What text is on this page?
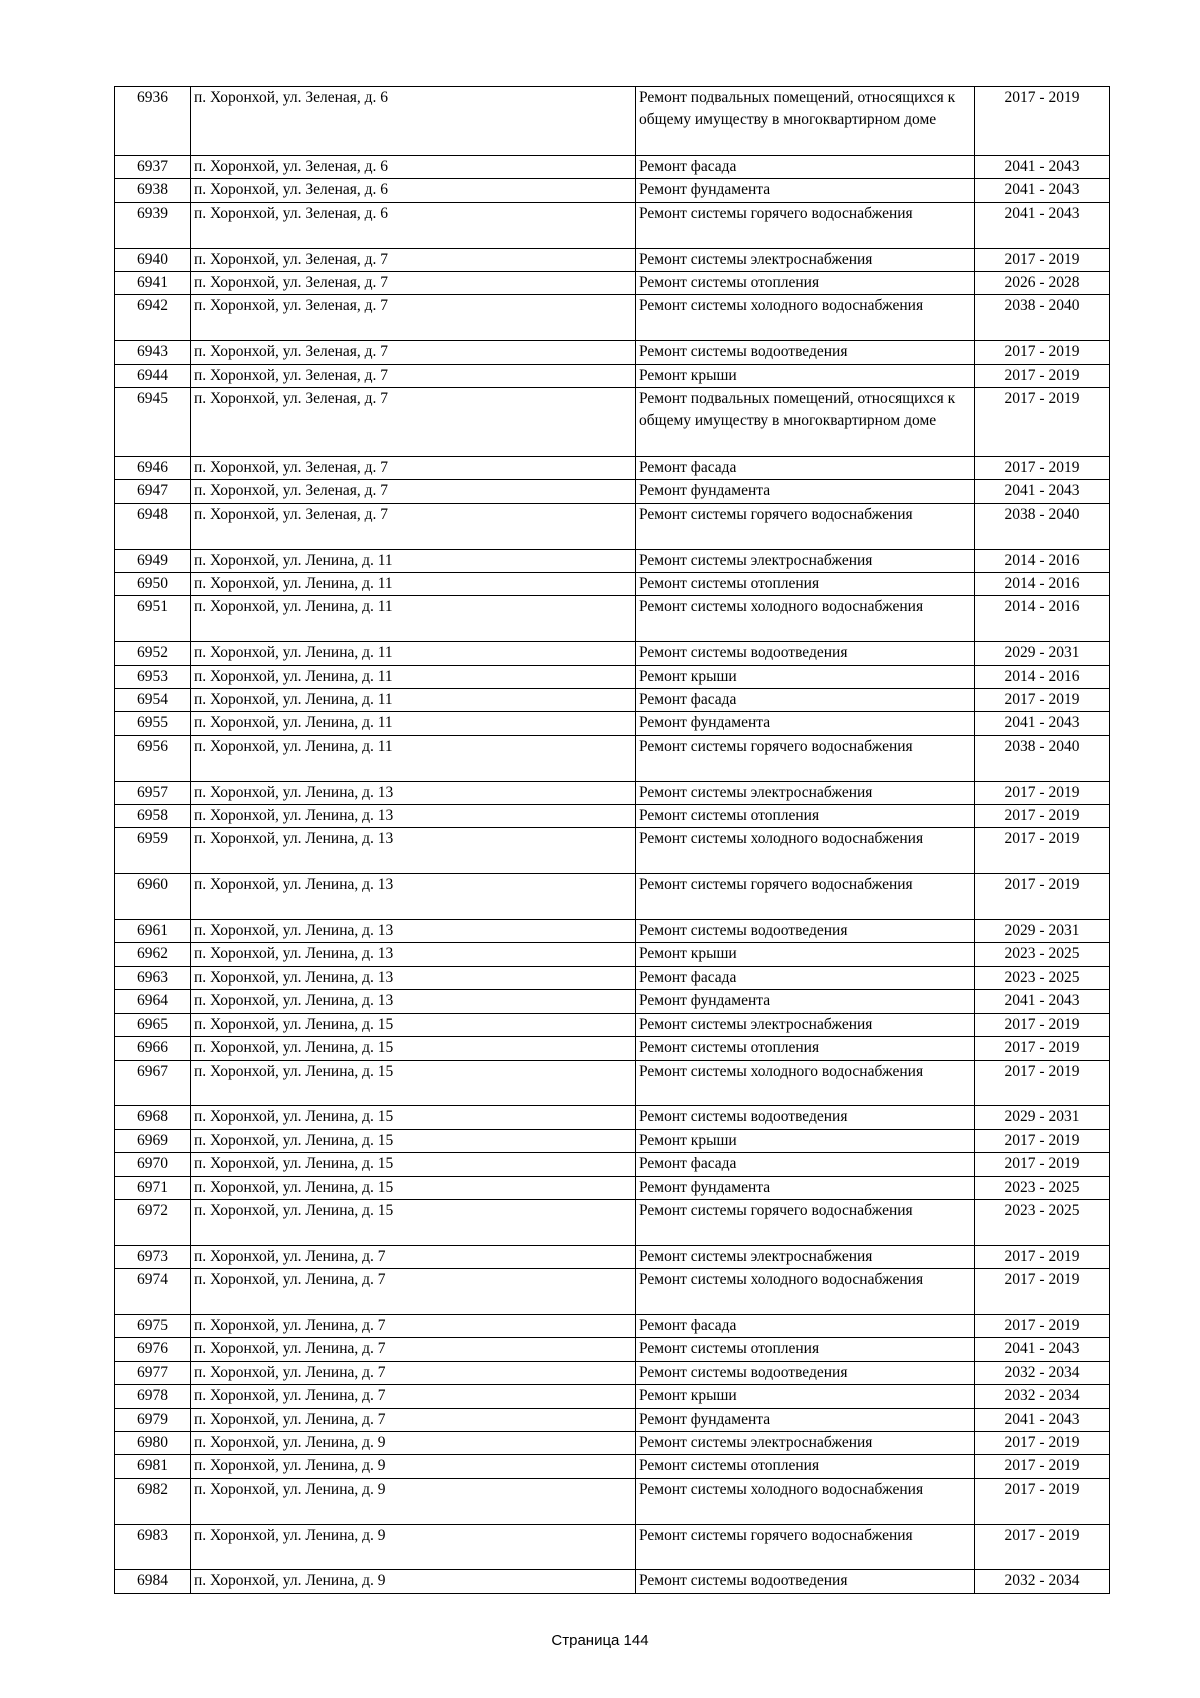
6936	п. Хоронхой, ул. Зеленая, д. 6	Ремонт подвальных помещений, относящихся к общему имуществу в многоквартирном доме	2017 - 2019
6937	п. Хоронхой, ул. Зеленая, д. 6	Ремонт фасада	2041 - 2043
6938	п. Хоронхой, ул. Зеленая, д. 6	Ремонт фундамента	2041 - 2043
6939	п. Хоронхой, ул. Зеленая, д. 6	Ремонт системы горячего водоснабжения	2041 - 2043
6940	п. Хоронхой, ул. Зеленая, д. 7	Ремонт системы электроснабжения	2017 - 2019
6941	п. Хоронхой, ул. Зеленая, д. 7	Ремонт системы отопления	2026 - 2028
6942	п. Хоронхой, ул. Зеленая, д. 7	Ремонт системы холодного водоснабжения	2038 - 2040
6943	п. Хоронхой, ул. Зеленая, д. 7	Ремонт системы водоотведения	2017 - 2019
6944	п. Хоронхой, ул. Зеленая, д. 7	Ремонт крыши	2017 - 2019
6945	п. Хоронхой, ул. Зеленая, д. 7	Ремонт подвальных помещений, относящихся к общему имуществу в многоквартирном доме	2017 - 2019
6946	п. Хоронхой, ул. Зеленая, д. 7	Ремонт фасада	2017 - 2019
6947	п. Хоронхой, ул. Зеленая, д. 7	Ремонт фундамента	2041 - 2043
6948	п. Хоронхой, ул. Зеленая, д. 7	Ремонт системы горячего водоснабжения	2038 - 2040
6949	п. Хоронхой, ул. Ленина, д. 11	Ремонт системы электроснабжения	2014 - 2016
6950	п. Хоронхой, ул. Ленина, д. 11	Ремонт системы отопления	2014 - 2016
6951	п. Хоронхой, ул. Ленина, д. 11	Ремонт системы холодного водоснабжения	2014 - 2016
6952	п. Хоронхой, ул. Ленина, д. 11	Ремонт системы водоотведения	2029 - 2031
6953	п. Хоронхой, ул. Ленина, д. 11	Ремонт крыши	2014 - 2016
6954	п. Хоронхой, ул. Ленина, д. 11	Ремонт фасада	2017 - 2019
6955	п. Хоронхой, ул. Ленина, д. 11	Ремонт фундамента	2041 - 2043
6956	п. Хоронхой, ул. Ленина, д. 11	Ремонт системы горячего водоснабжения	2038 - 2040
6957	п. Хоронхой, ул. Ленина, д. 13	Ремонт системы электроснабжения	2017 - 2019
6958	п. Хоронхой, ул. Ленина, д. 13	Ремонт системы отопления	2017 - 2019
6959	п. Хоронхой, ул. Ленина, д. 13	Ремонт системы холодного водоснабжения	2017 - 2019
6960	п. Хоронхой, ул. Ленина, д. 13	Ремонт системы горячего водоснабжения	2017 - 2019
6961	п. Хоронхой, ул. Ленина, д. 13	Ремонт системы водоотведения	2029 - 2031
6962	п. Хоронхой, ул. Ленина, д. 13	Ремонт крыши	2023 - 2025
6963	п. Хоронхой, ул. Ленина, д. 13	Ремонт фасада	2023 - 2025
6964	п. Хоронхой, ул. Ленина, д. 13	Ремонт фундамента	2041 - 2043
6965	п. Хоронхой, ул. Ленина, д. 15	Ремонт системы электроснабжения	2017 - 2019
6966	п. Хоронхой, ул. Ленина, д. 15	Ремонт системы отопления	2017 - 2019
6967	п. Хоронхой, ул. Ленина, д. 15	Ремонт системы холодного водоснабжения	2017 - 2019
6968	п. Хоронхой, ул. Ленина, д. 15	Ремонт системы водоотведения	2029 - 2031
6969	п. Хоронхой, ул. Ленина, д. 15	Ремонт крыши	2017 - 2019
6970	п. Хоронхой, ул. Ленина, д. 15	Ремонт фасада	2017 - 2019
6971	п. Хоронхой, ул. Ленина, д. 15	Ремонт фундамента	2023 - 2025
6972	п. Хоронхой, ул. Ленина, д. 15	Ремонт системы горячего водоснабжения	2023 - 2025
6973	п. Хоронхой, ул. Ленина, д. 7	Ремонт системы электроснабжения	2017 - 2019
6974	п. Хоронхой, ул. Ленина, д. 7	Ремонт системы холодного водоснабжения	2017 - 2019
6975	п. Хоронхой, ул. Ленина, д. 7	Ремонт фасада	2017 - 2019
6976	п. Хоронхой, ул. Ленина, д. 7	Ремонт системы отопления	2041 - 2043
6977	п. Хоронхой, ул. Ленина, д. 7	Ремонт системы водоотведения	2032 - 2034
6978	п. Хоронхой, ул. Ленина, д. 7	Ремонт крыши	2032 - 2034
6979	п. Хоронхой, ул. Ленина, д. 7	Ремонт фундамента	2041 - 2043
6980	п. Хоронхой, ул. Ленина, д. 9	Ремонт системы электроснабжения	2017 - 2019
6981	п. Хоронхой, ул. Ленина, д. 9	Ремонт системы отопления	2017 - 2019
6982	п. Хоронхой, ул. Ленина, д. 9	Ремонт системы холодного водоснабжения	2017 - 2019
6983	п. Хоронхой, ул. Ленина, д. 9	Ремонт системы горячего водоснабжения	2017 - 2019
6984	п. Хоронхой, ул. Ленина, д. 9	Ремонт системы водоотведения	2032 - 2034
Страница 144
